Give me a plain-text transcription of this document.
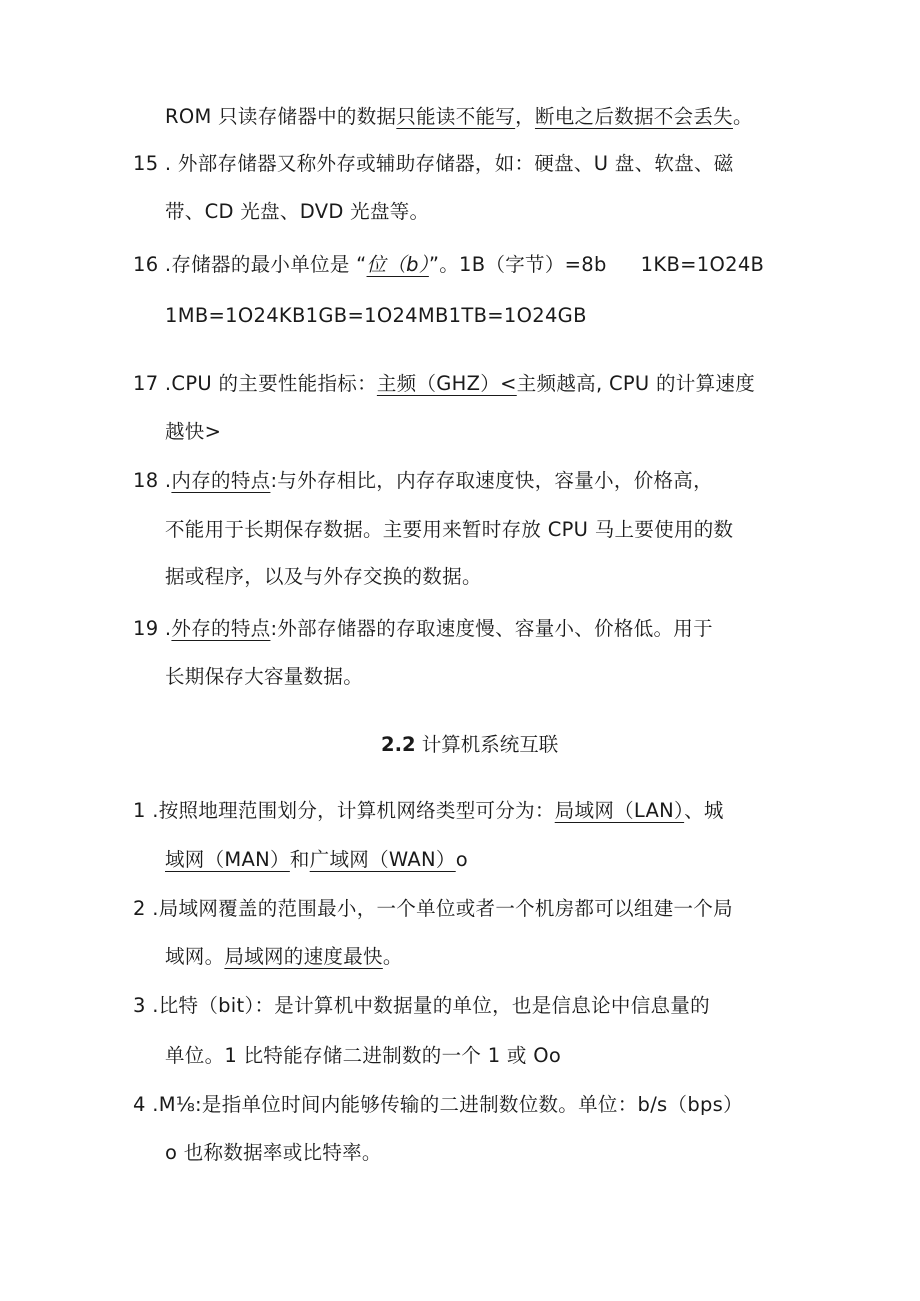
ROM 只读存储器中的数据只能读不能写，断电之后数据不会丢失。
15 . 外部存储器又称外存或辅助存储器，如：硬盘、U 盘、软盘、磁
带、CD 光盘、DVD 光盘等。
16 .存储器的最小单位是 “位（b）”。1B（字节）=8b 1KB=1O24B
1MB=1O24KB1GB=1O24MB1TB=1O24GB
17 .CPU 的主要性能指标：主频（GHZ）<主频越高, CPU 的计算速度
越快>
18 .内存的特点:与外存相比，内存存取速度快，容量小，价格高，
不能用于长期保存数据。主要用来暂时存放 CPU 马上要使用的数
据或程序，以及与外存交换的数据。
19 .外存的特点:外部存储器的存取速度慢、容量小、价格低。用于
长期保存大容量数据。
2.2 计算机系统互联
1 .按照地理范围划分，计算机网络类型可分为：局域网（LAN）、城
域网（MAN）和广域网（WAN）o
2 .局域网覆盖的范围最小，一个单位或者一个机房都可以组建一个局
域网。局域网的速度最快。
3 .比特（bit）：是计算机中数据量的单位，也是信息论中信息量的
单位。1 比特能存储二进制数的一个 1 或 Oo
4 .M⅛:是指单位时间内能够传输的二进制数位数。单位：b/s（bps）
o 也称数据率或比特率。
